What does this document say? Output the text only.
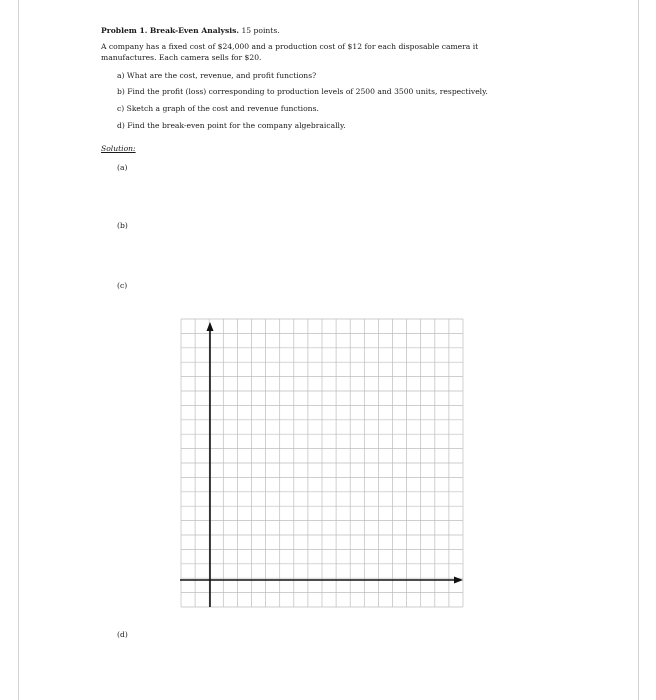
Problem 1. Break-Even Analysis. 15 points.
A company has a fixed cost of $24,000 and a production cost of $12 for each disposable camera it
manufactures. Each camera sells for $20.
a) What are the cost, revenue, and profit functions?
b) Find the profit (loss) corresponding to production levels of 2500 and 3500 units, respectively.
c) Sketch a graph of the cost and revenue functions.
d) Find the break-even point for the company algebraically.
Solution:
(a)
(b)
(c)
(d)
